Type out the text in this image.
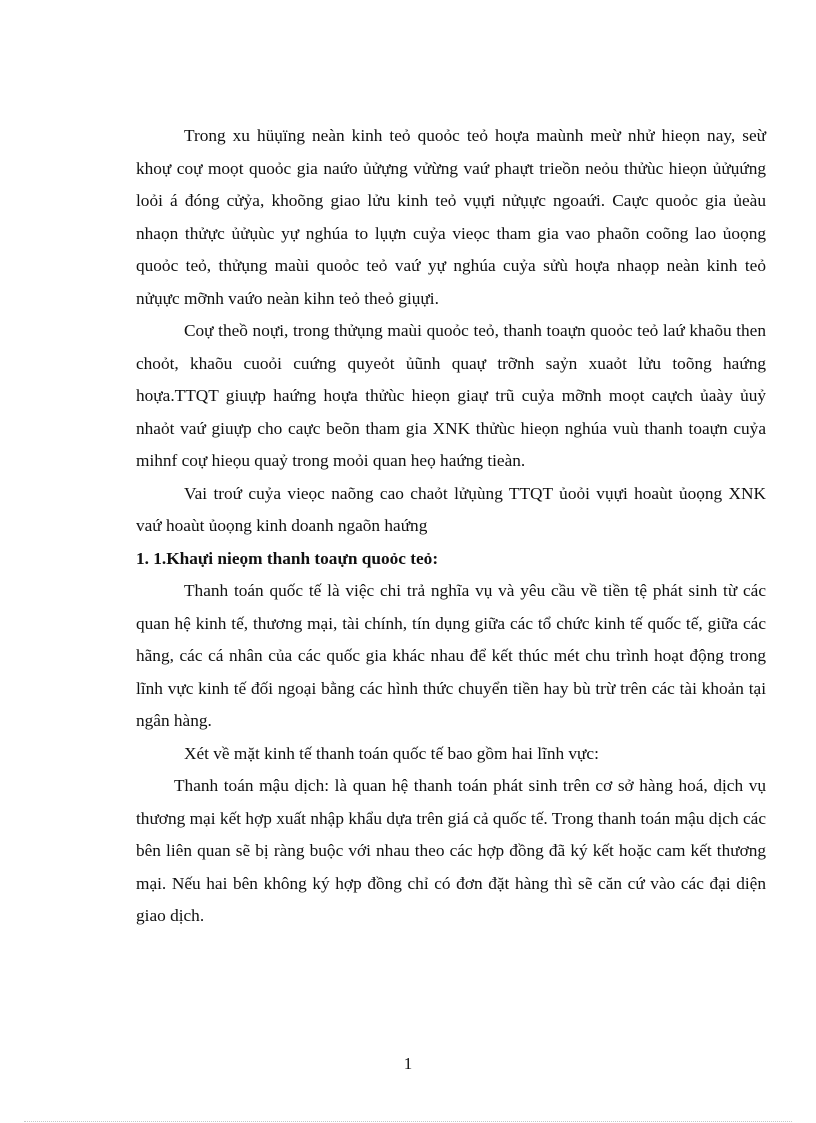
Trong xu hüụïng neàn kinh teỏ quoỏc teỏ hoựa maùnh meừ nhử hieọn nay, seừ khoự coự moọt quoỏc gia naứo ủửựng vửừng vaứ phaựt trieồn neỏu thửùc hieọn ủửụứng loỏi á đóng cửỷa, khoõng giao lửu kinh teỏ vụựi nửụực ngoaứi. Caực quoỏc gia ủeàu nhaọn thửực ủửụùc yự nghúa to lụựn cuỷa vieọc tham gia vao phaõn coõng lao ủoọng quoỏc teỏ, thửụng maùi quoỏc teỏ vaứ yự nghúa cuỷa sửù hoựa nhaọp neàn kinh teỏ nửụực mỡnh vaứo neàn kihn teỏ theỏ giụựi.

Coự theồ noựi, trong thửụng maùi quoỏc teỏ, thanh toaựn quoỏc teỏ laứ khaõu then choỏt, khaõu cuoỏi cuứng quyeỏt ủũnh quaự trỡnh saỷn xuaỏt lửu toõng haứng hoựa.TTQT giuựp haứng hoựa thửùc hieọn giaự trũ cuỷa mỡnh moọt caựch ủaày ủuỷ nhaỏt vaứ giuựp cho caực beõn tham gia XNK thửùc hieọn nghúa vuù thanh toaựn cuỷa mihnf coự hieọu quaỷ trong moỏi quan heọ haứng tieàn.

Vai troứ cuỷa vieọc naõng cao chaỏt lửụùng TTQT ủoỏi vụựi hoaùt ủoọng XNK vaứ hoaùt ủoọng kinh doanh ngaõn haứng

1. 1.Khaựi nieọm thanh toaựn quoỏc teỏ:

Thanh toán quốc tế là việc chi trả nghĩa vụ và yêu cầu về tiền tệ phát sinh từ các quan hệ kinh tế, thương mại, tài chính, tín dụng giữa các tổ chức kinh tế quốc tế, giữa các hãng, các cá nhân của các quốc gia khác nhau để kết thúc mét chu trình hoạt động trong lĩnh vực kinh tế đối ngoại bằng các hình thức chuyển tiền hay bù trừ trên các tài khoản tại ngân hàng.

Xét về mặt kinh tế thanh toán quốc tế bao gồm hai lĩnh vực:

Thanh toán mậu dịch: là quan hệ thanh toán phát sinh trên cơ sở hàng hoá, dịch vụ thương mại kết hợp xuất nhập khẩu dựa trên giá cả quốc tế. Trong thanh toán mậu dịch các bên liên quan sẽ bị ràng buộc với nhau theo các hợp đồng đã ký kết hoặc cam kết thương mại. Nếu hai bên không ký hợp đồng chỉ có đơn đặt hàng thì sẽ căn cứ vào các đại diện giao dịch.

1
